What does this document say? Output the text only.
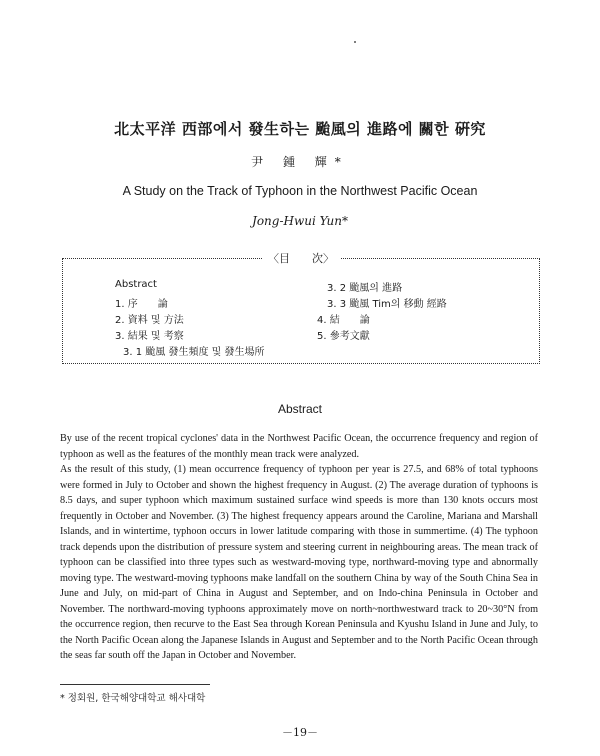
北太平洋 西部에서 發生하는 颱風의 進路에 關한 硏究
尹 鍾 輝*
A Study on the Track of Typhoon in the Northwest Pacific Ocean
Jong-Hwui Yun*
〈目　　次〉
Abstract
1. 序　　論
2. 資料 및 方法
3. 結果 및 考察
3. 1 颱風 發生頻度 및 發生場所
3. 2 颱風의 進路
3. 3 颱風 Tim의 移動 經路
4. 結　　論
5. 參考文獻
Abstract

By use of the recent tropical cyclones' data in the Northwest Pacific Ocean, the occurrence frequency and region of typhoon as well as the features of the monthly mean track were analyzed.

As the result of this study, (1) mean occurrence frequency of typhoon per year is 27.5, and 68% of total typhoons were formed in July to October and shown the highest frequency in August. (2) The average duration of typhoons is 8.5 days, and super typhoon which maximum sustained surface wind speeds is more than 130 knots occurs most frequently in October and November. (3) The highest frequency appears around the Caroline, Mariana and Marshall Islands, and in wintertime, typhoon occurs in lower latitude comparing with those in summertime. (4) The typhoon track depends upon the distribution of pressure system and steering current in neighbouring areas. The mean track of typhoon can be classified into three types such as westward-moving type, northward-moving type and abnormally moving type. The westward-moving typhoons make landfall on the southern China by way of the South China Sea in June and July, on mid-part of China in August and September, and on Indo-china Peninsula in October and November. The northward-moving typhoons approximately move on north~northwestward track to 20~30°N from the occurrence region, then recurve to the East Sea through Korean Peninsula and Kyushu Island in June and July, to the North Pacific Ocean along the Japanese Islands in August and September and to the North Pacific Ocean through the seas far south off the Japan in October and November.

* 정회원, 한국해양대학교 해사대학
－19－
